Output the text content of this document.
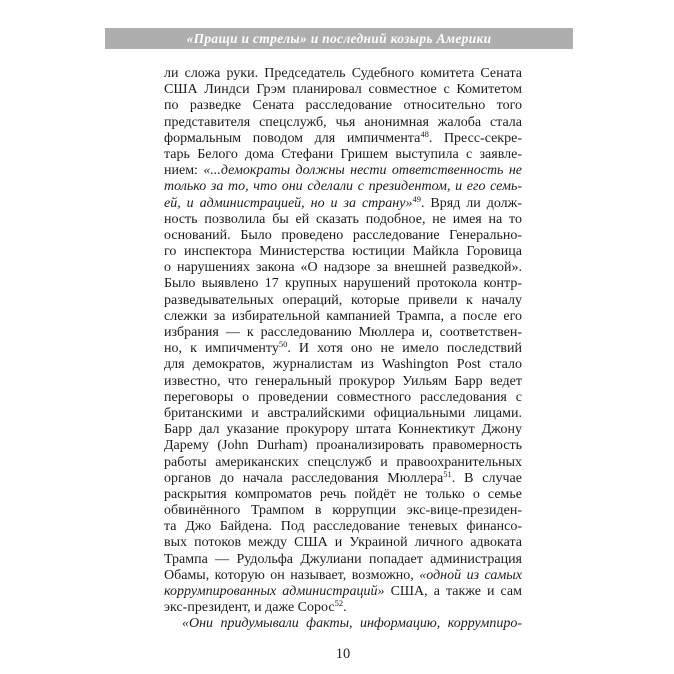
«Пращи и стрелы» и последний козырь Америки
ли сложа руки. Председатель Судебного комитета Сената
США Линдси Грэм планировал совместное с Комитетом
по разведке Сената расследование относительно того
представителя спецслужб, чья анонимная жалоба стала
формальным поводом для импичмента$^{48}$. Пресс-секре-
тарь Белого дома Стефани Гришем выступила с заявле-
нием: «...демократы должны нести ответственность не
только за то, что они сделали с президентом, и его семь-
ей, и администрацией, но и за страну»$^{49}$. Вряд ли долж-
ность позволила бы ей сказать подобное, не имея на то
оснований. Было проведено расследование Генерально-
го инспектора Министерства юстиции Майкла Горовица
о нарушениях закона «О надзоре за внешней разведкой».
Было выявлено 17 крупных нарушений протокола контр-
разведывательных операций, которые привели к началу
слежки за избирательной кампанией Трампа, а после его
избрания — к расследованию Мюллера и, соответствен-
но, к импичменту$^{50}$. И хотя оно не имело последствий
для демократов, журналистам из Washington Post стало
известно, что генеральный прокурор Уильям Барр ведет
переговоры о проведении совместного расследования с
британскими и австралийскими официальными лицами.
Барр дал указание прокурору штата Коннектикут Джону
Дарему (John Durham) проанализировать правомерность
работы американских спецслужб и правоохранительных
органов до начала расследования Мюллера$^{51}$. В случае
раскрытия компроматов речь пойдёт не только о семье
обвинённого Трампом в коррупции экс-вице-президен-
та Джо Байдена. Под расследование теневых финансо-
вых потоков между США и Украиной личного адвоката
Трампа — Рудольфа Джулиани попадает администрация
Обамы, которую он называет, возможно, «одной из самых
коррумпированных администраций» США, а также и сам
экс-президент, и даже Сорос$^{52}$.
«Они придумывали факты, информацию, коррумпиро-
10
